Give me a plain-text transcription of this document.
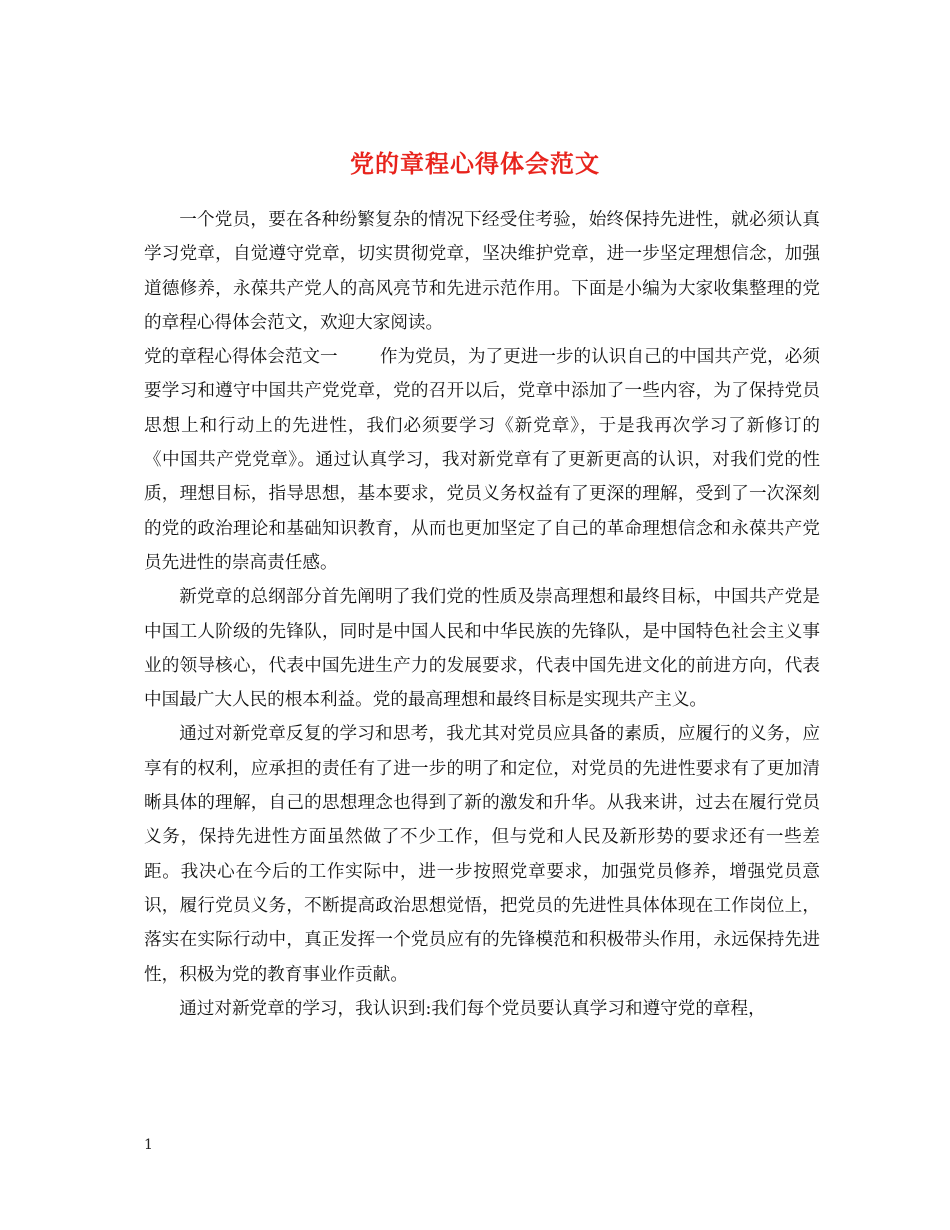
党的章程心得体会范文

一个党员，要在各种纷繁复杂的情况下经受住考验，始终保持先进性，就必须认真学习党章，自觉遵守党章，切实贯彻党章，坚决维护党章，进一步坚定理想信念，加强道德修养，永葆共产党人的高风亮节和先进示范作用。下面是小编为大家收集整理的党的章程心得体会范文，欢迎大家阅读。

党的章程心得体会范文一 作为党员，为了更进一步的认识自己的中国共产党，必须要学习和遵守中国共产党党章，党的召开以后，党章中添加了一些内容，为了保持党员思想上和行动上的先进性，我们必须要学习《新党章》，于是我再次学习了新修订的《中国共产党党章》。通过认真学习，我对新党章有了更新更高的认识，对我们党的性质，理想目标，指导思想，基本要求，党员义务权益有了更深的理解，受到了一次深刻的党的政治理论和基础知识教育，从而也更加坚定了自己的革命理想信念和永葆共产党员先进性的崇高责任感。

新党章的总纲部分首先阐明了我们党的性质及崇高理想和最终目标，中国共产党是中国工人阶级的先锋队，同时是中国人民和中华民族的先锋队，是中国特色社会主义事业的领导核心，代表中国先进生产力的发展要求，代表中国先进文化的前进方向，代表中国最广大人民的根本利益。党的最高理想和最终目标是实现共产主义。

通过对新党章反复的学习和思考，我尤其对党员应具备的素质，应履行的义务，应享有的权利，应承担的责任有了进一步的明了和定位，对党员的先进性要求有了更加清晰具体的理解，自己的思想理念也得到了新的激发和升华。从我来讲，过去在履行党员义务，保持先进性方面虽然做了不少工作，但与党和人民及新形势的要求还有一些差距。我决心在今后的工作实际中，进一步按照党章要求，加强党员修养，增强党员意识，履行党员义务，不断提高政治思想觉悟，把党员的先进性具体体现在工作岗位上，落实在实际行动中，真正发挥一个党员应有的先锋模范和积极带头作用，永远保持先进性，积极为党的教育事业作贡献。

通过对新党章的学习，我认识到:我们每个党员要认真学习和遵守党的章程，

1
